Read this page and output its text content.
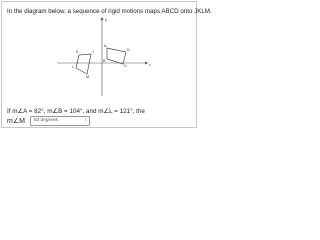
In the diagram below, a sequence of rigid motions maps ABCD onto JKLM.
y
x
A
D
C
B
K	J
L
M
If m∠A = 82°, m∠B = 104°, and m∠L = 121°, the
m∠M 53 degrees	↕
